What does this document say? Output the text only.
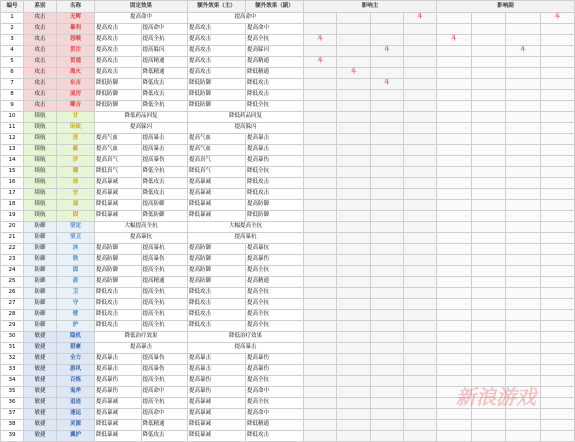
编号	系别	名称	固定效果		额外效果（主）	额外效果（副）	影响主				影响副			
1	攻击	无辉	提高命中		提高命中					斗				斗
2	攻击	暴利	提高攻击	提高命中	提高攻击	提高命中								
3	攻击	怒喉	提高攻击	提高全抗	提高攻击	提高全抗	斗				斗			
4	攻击	贯注	提高攻击	提高躲闪	提高攻击	提高躲闪			斗				斗	
5	攻击	贯通	提高攻击	提高精通	提高攻击	提高精通	斗							
6	攻击	海火	提高攻击	降低精通	提高攻击	降低精通		斗						
7	攻击	东吉	降低防御	降低攻击	降低防御	降低攻击			斗					
8	攻击	凌厉	降低防御	降低攻击	降低防御	降低攻击								
9	攻击	嘶吉	降低防御	降低全抗	降低防御	降低全抗								
10	续航	甘	降低药品回复		降低药品回复									
11	续航	闲致	提高躲闪		提高躲闪									
12	续航	迷	提高气血	提高暴击	提高气血	提高暴击								
13	续航	蔽	提高气血	提高暴击	提高气血	提高暴击								
14	续航	汐	提高真气	提高暴伤	提高真气	提高暴伤								
15	续航	曜	降低真气	降低全抗	降低真气	降低全抗								
16	续航	扬	提高暴减	降低攻击	提高暴减	降低攻击								
17	续航	安	提高暴减	降低攻击	提高暴减	降低攻击								
18	续航	福	降低暴减	提高防御	降低暴减	提高防御								
19	续航	固	降低暴减	降低防御	降低暴减	降低防御								
20	防御	坚定	大幅提高全抗		大幅提高全抗									
21	防御	坚卫	提高暴抗		提高暴抗									
22	防御	沐	提高防御	提高暴抗	提高防御	提高暴抗								
23	防御	铁	提高防御	提高暴伤	提高防御	提高暴伤								
24	防御	固	提高防御	提高全抗	提高防御	提高全抗								
25	防御	盾	提高防御	提高精通	提高防御	提高精通								
26	防御	卫	降低攻击	提高全抗	降低攻击	提高全抗								
27	防御	守	降低攻击	提高全抗	降低攻击	提高全抗								
28	防御	壁	降低攻击	提高全抗	降低攻击	提高全抗								
29	防御	护	降低攻击	提高全抗	降低攻击	提高全抗								
30	敏捷	隐机	降低治疗效果		降低治疗效果									
31	敏捷	猎豪	提高暴击		提高暴击									
32	敏捷	全力	提高暴击	提高暴伤	提高暴击	提高暴伤								
33	敏捷	游风	提高暴击	提高暴伤	提高暴击	提高暴伤								
34	敏捷	百炼	提高暴伤	提高全抗	提高暴伤	提高全抗								
35	敏捷	鬼斧	提高暴伤	提高命中	提高暴伤	提高命中								
36	敏捷	追迹	提高暴减	提高全抗	提高暴减	提高全抗								
37	敏捷	速运	提高暴减	提高命中	提高暴减	提高命中								
38	敏捷	灵源	降低暴减	降低精通	降低暴减	降低精通								
39	敏捷	翼护	降低暴减	降低攻击	降低暴减	降低攻击								
新浪游戏
